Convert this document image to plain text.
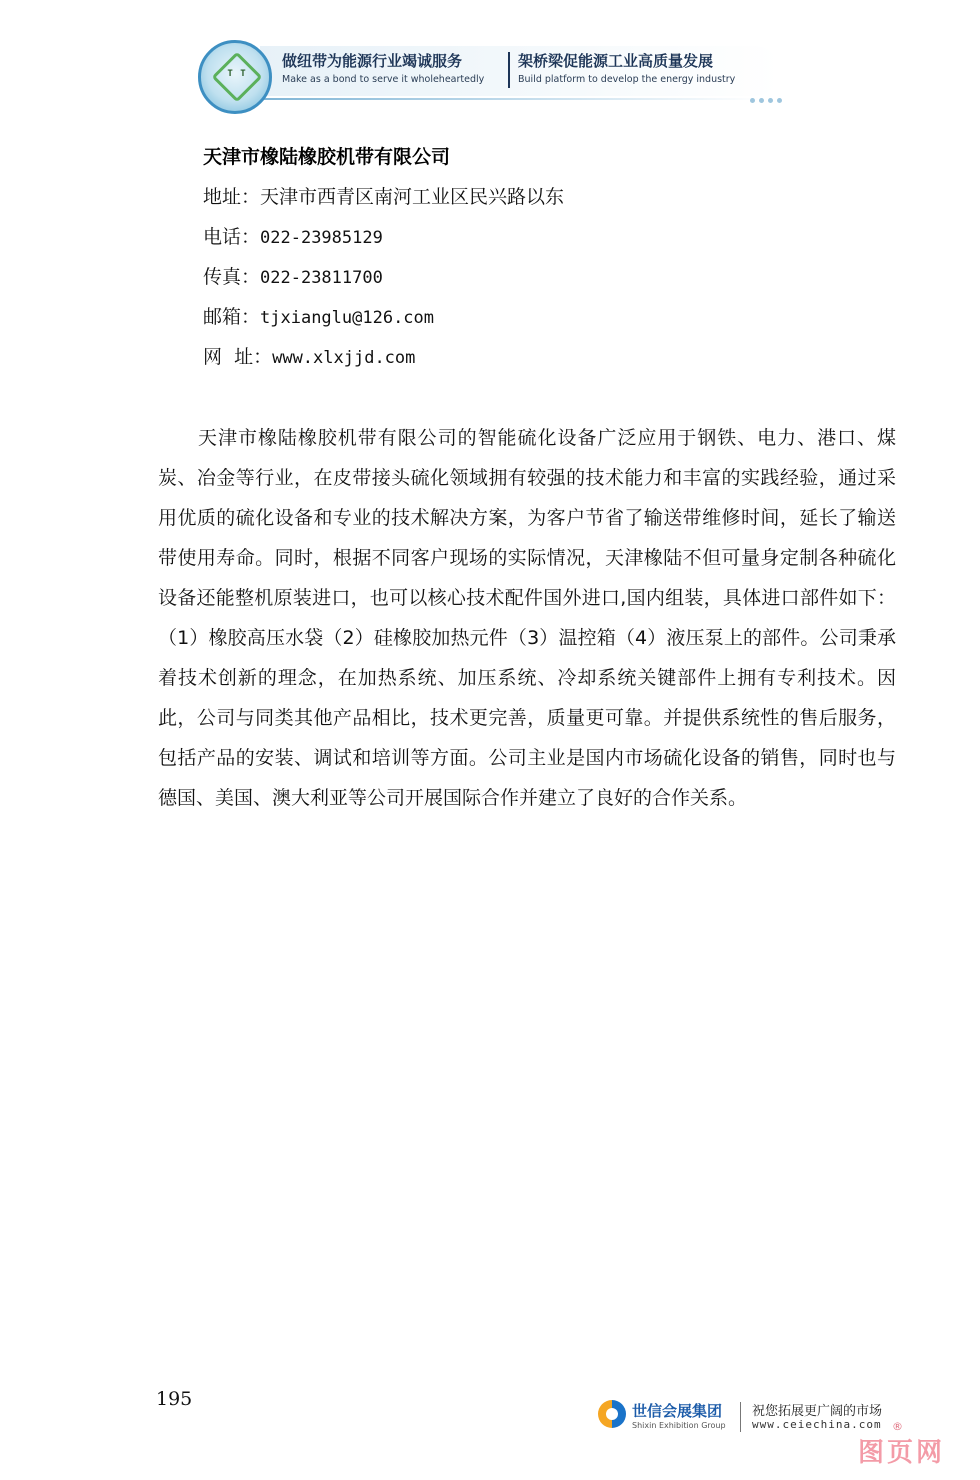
T T
做纽带为能源行业竭诚服务	架桥梁促能源工业高质量发展
Make as a bond to serve it wholeheartedly	Build platform to develop the energy industry
天津市橡陆橡胶机带有限公司
地址：天津市西青区南河工业区民兴路以东
电话：022-23985129
传真：022-23811700
邮箱：tjxianglu@126.com
网  址：www.xlxjjd.com
天津市橡陆橡胶机带有限公司的智能硫化设备广泛应用于钢铁、电力、港口、煤炭、冶金等行业，在皮带接头硫化领域拥有较强的技术能力和丰富的实践经验，通过采用优质的硫化设备和专业的技术解决方案，为客户节省了输送带维修时间，延长了输送带使用寿命。同时，根据不同客户现场的实际情况，天津橡陆不但可量身定制各种硫化设备还能整机原装进口，也可以核心技术配件国外进口,国内组装，具体进口部件如下：（1）橡胶高压水袋（2）硅橡胶加热元件（3）温控箱（4）液压泵上的部件。公司秉承着技术创新的理念，在加热系统、加压系统、冷却系统关键部件上拥有专利技术。因此，公司与同类其他产品相比，技术更完善，质量更可靠。并提供系统性的售后服务，包括产品的安装、调试和培训等方面。公司主业是国内市场硫化设备的销售，同时也与德国、美国、澳大利亚等公司开展国际合作并建立了良好的合作关系。
195
世信会展集团
Shixin Exhibition Group
祝您拓展更广阔的市场
www.ceiechina.com ®
图页网
